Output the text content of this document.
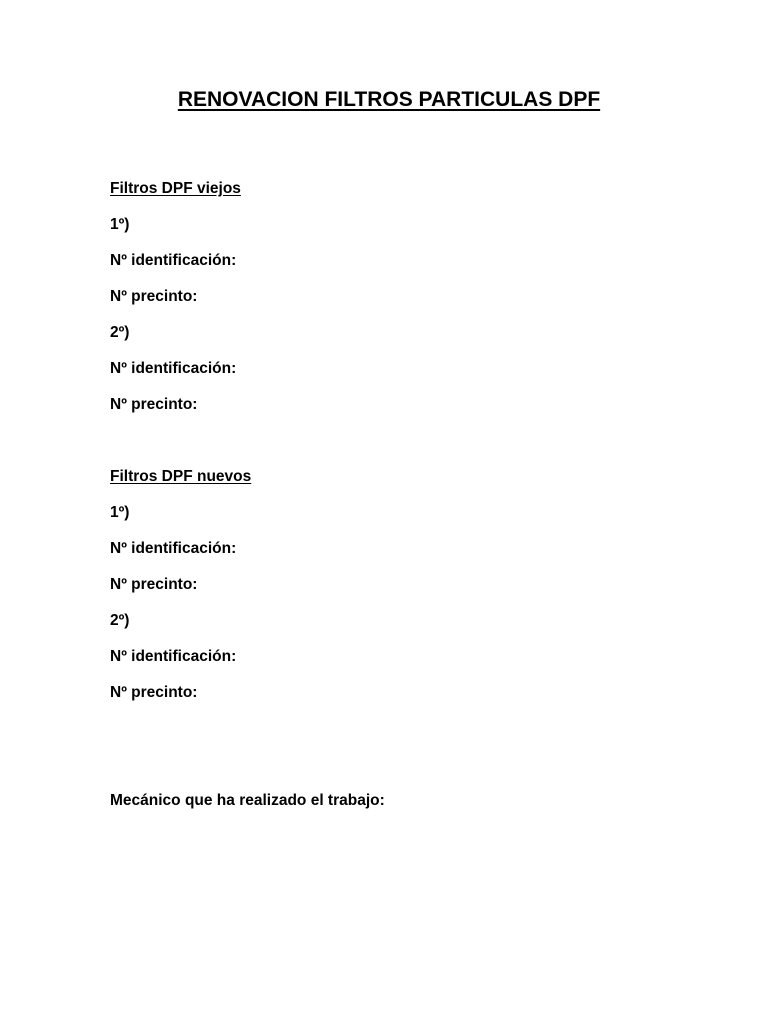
RENOVACION FILTROS PARTICULAS DPF
Filtros DPF viejos
1º)
Nº identificación:
Nº precinto:
2º)
Nº identificación:
Nº precinto:
Filtros DPF nuevos
1º)
Nº identificación:
Nº precinto:
2º)
Nº identificación:
Nº precinto:
Mecánico que ha realizado el trabajo:
